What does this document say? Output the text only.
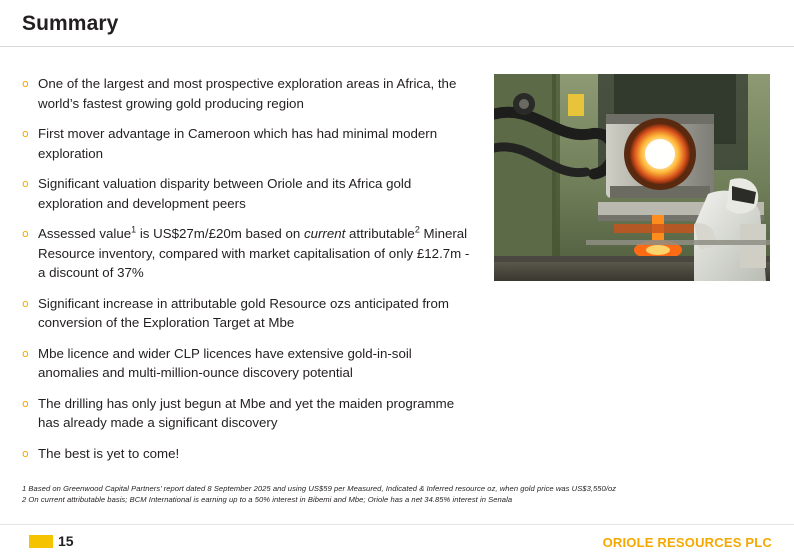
Summary
o One of the largest and most prospective exploration areas in Africa, the world’s fastest growing gold producing region
o First mover advantage in Cameroon which has had minimal modern exploration
o Significant valuation disparity between Oriole and its Africa gold exploration and development peers
o Assessed value$^1$ is US$27m/£20m based on current attributable$^2$ Mineral Resource inventory, compared with market capitalisation of only £12.7m - a discount of 37%
o Significant increase in attributable gold Resource ozs anticipated from conversion of the Exploration Target at Mbe
o Mbe licence and wider CLP licences have extensive gold-in-soil anomalies and multi-million-ounce discovery potential
o The drilling has only just begun at Mbe and yet the maiden programme has already made a significant discovery
o The best is yet to come!
1 Based on Greenwood Capital Partners’ report dated 8 September 2025 and using US$59 per Measured, Indicated & Inferred resource oz, when gold price was US$3,550/oz
2 On current attributable basis; BCM International is earning up to a 50% interest in Bibemi and Mbe; Oriole has a net 34.85% interest in Senala
15	ORIOLE RESOURCES PLC
